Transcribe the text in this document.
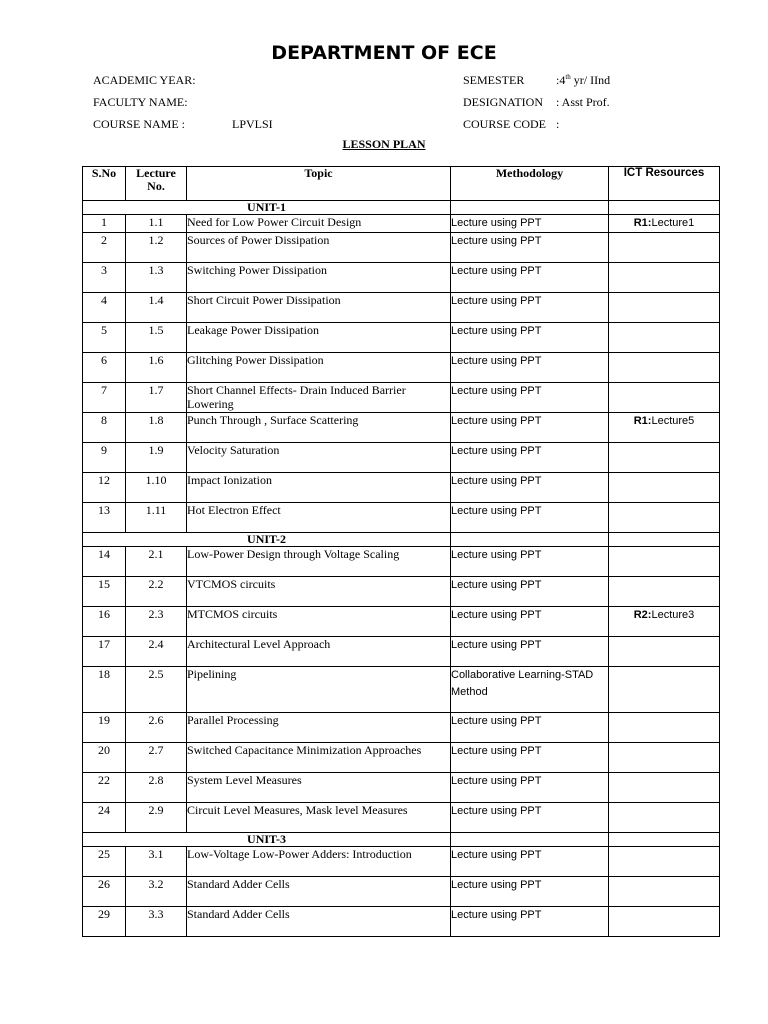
DEPARTMENT OF ECE
ACADEMIC YEAR:
FACULTY NAME:
COURSE NAME :	LPVLSI
SEMESTER	:4th yr/ IInd
DESIGNATION : Asst Prof.
COURSE CODE :
LESSON PLAN
S.No	Lecture No.	Topic	Methodology	ICT Resources
UNIT-1				
1	1.1	Need for Low Power Circuit Design	Lecture using PPT	R1:Lecture1
2	1.2	Sources of Power Dissipation	Lecture using PPT	
3	1.3	Switching Power Dissipation	Lecture using PPT	
4	1.4	Short Circuit Power Dissipation	Lecture using PPT	
5	1.5	Leakage Power Dissipation	Lecture using PPT	
6	1.6	Glitching Power Dissipation	Lecture using PPT	
7	1.7	Short Channel Effects- Drain Induced Barrier Lowering	Lecture using PPT	
8	1.8	Punch Through , Surface Scattering	Lecture using PPT	R1:Lecture5
9	1.9	Velocity Saturation	Lecture using PPT	
12	1.10	Impact Ionization	Lecture using PPT	
13	1.11	Hot Electron Effect	Lecture using PPT	
UNIT-2				
14	2.1	Low-Power Design through Voltage Scaling	Lecture using PPT	
15	2.2	VTCMOS circuits	Lecture using PPT	
16	2.3	MTCMOS circuits	Lecture using PPT	R2:Lecture3
17	2.4	Architectural Level Approach	Lecture using PPT	
18	2.5	Pipelining	Collaborative Learning-STAD Method	
19	2.6	Parallel Processing	Lecture using PPT	
20	2.7	Switched Capacitance Minimization Approaches	Lecture using PPT	
22	2.8	System Level Measures	Lecture using PPT	
24	2.9	Circuit Level Measures, Mask level Measures	Lecture using PPT	
UNIT-3				
25	3.1	Low-Voltage Low-Power Adders: Introduction	Lecture using PPT	
26	3.2	Standard Adder Cells	Lecture using PPT	
29	3.3	Standard Adder Cells	Lecture using PPT	
